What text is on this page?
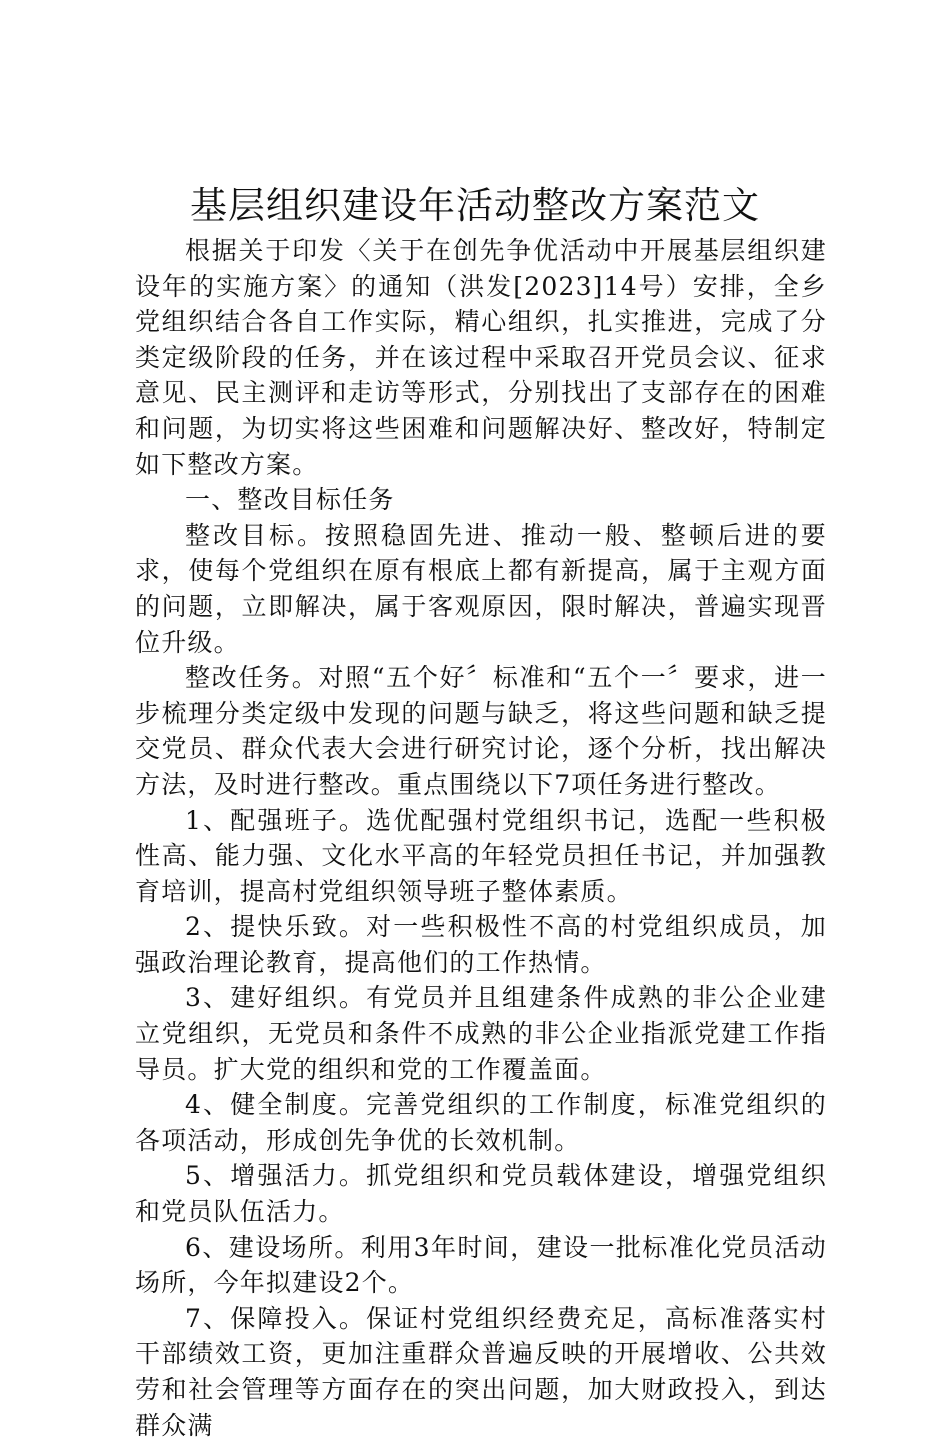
基层组织建设年活动整改方案范文

根据关于印发〈关于在创先争优活动中开展基层组织建设年的实施方案〉的通知（洪发[2023]14号）安排，全乡党组织结合各自工作实际，精心组织，扎实推进，完成了分类定级阶段的任务，并在该过程中采取召开党员会议、征求意见、民主测评和走访等形式，分别找出了支部存在的困难和问题，为切实将这些困难和问题解决好、整改好，特制定如下整改方案。

一、整改目标任务

整改目标。按照稳固先进、推动一般、整顿后进的要求，使每个党组织在原有根底上都有新提高，属于主观方面的问题，立即解决，属于客观原因，限时解决，普遍实现晋位升级。

整改任务。对照“五个好〞标准和“五个一〞要求，进一步梳理分类定级中发现的问题与缺乏，将这些问题和缺乏提交党员、群众代表大会进行研究讨论，逐个分析，找出解决方法，及时进行整改。重点围绕以下7项任务进行整改。

1、配强班子。选优配强村党组织书记，选配一些积极性高、能力强、文化水平高的年轻党员担任书记，并加强教育培训，提高村党组织领导班子整体素质。

2、提快乐致。对一些积极性不高的村党组织成员，加强政治理论教育，提高他们的工作热情。

3、建好组织。有党员并且组建条件成熟的非公企业建立党组织，无党员和条件不成熟的非公企业指派党建工作指导员。扩大党的组织和党的工作覆盖面。

4、健全制度。完善党组织的工作制度，标准党组织的各项活动，形成创先争优的长效机制。

5、增强活力。抓党组织和党员载体建设，增强党组织和党员队伍活力。

6、建设场所。利用3年时间，建设一批标准化党员活动场所，今年拟建设2个。

7、保障投入。保证村党组织经费充足，高标准落实村干部绩效工资，更加注重群众普遍反映的开展增收、公共效劳和社会管理等方面存在的突出问题，加大财政投入，到达群众满
